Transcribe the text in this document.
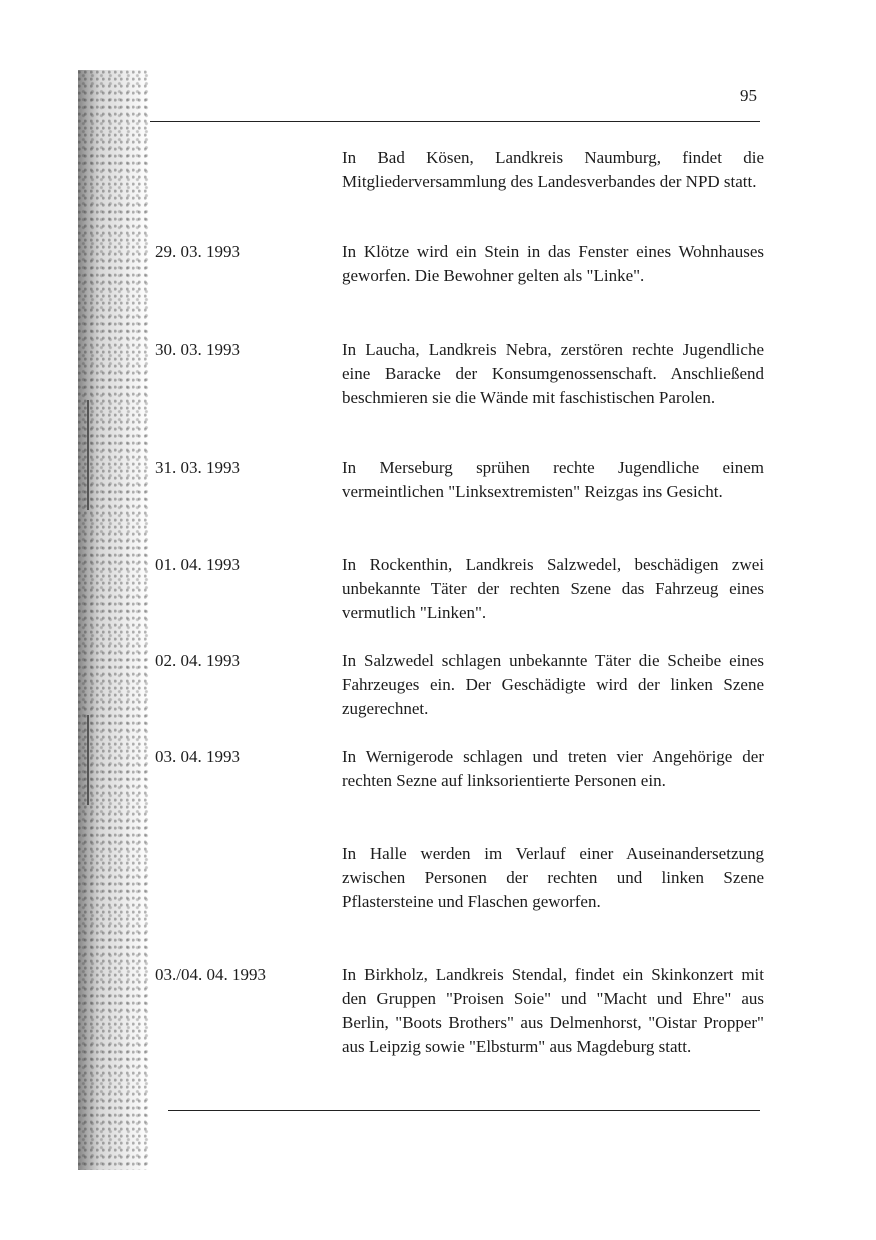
95

In Bad Kösen, Landkreis Naumburg, findet die Mitgliederversammlung des Landesverbandes der NPD statt.

29. 03. 1993	In Klötze wird ein Stein in das Fenster eines Wohnhauses geworfen. Die Bewohner gelten als "Linke".

30. 03. 1993	In Laucha, Landkreis Nebra, zerstören rechte Jugendliche eine Baracke der Konsumgenossenschaft. Anschließend beschmieren sie die Wände mit faschistischen Parolen.

31. 03. 1993	In Merseburg sprühen rechte Jugendliche einem vermeintlichen "Linksextremisten" Reizgas ins Gesicht.

01. 04. 1993	In Rockenthin, Landkreis Salzwedel, beschädigen zwei unbekannte Täter der rechten Szene das Fahrzeug eines vermutlich "Linken".

02. 04. 1993	In Salzwedel schlagen unbekannte Täter die Scheibe eines Fahrzeuges ein. Der Geschädigte wird der linken Szene zugerechnet.

03. 04. 1993	In Wernigerode schlagen und treten vier Angehörige der rechten Sezne auf linksorientierte Personen ein.

In Halle werden im Verlauf einer Auseinandersetzung zwischen Personen der rechten und linken Szene Pflastersteine und Flaschen geworfen.

03./04. 04. 1993	In Birkholz, Landkreis Stendal, findet ein Skinkonzert mit den Gruppen "Proisen Soie" und "Macht und Ehre" aus Berlin, "Boots Brothers" aus Delmenhorst, "Oistar Propper" aus Leipzig sowie "Elbsturm" aus Magdeburg statt.
